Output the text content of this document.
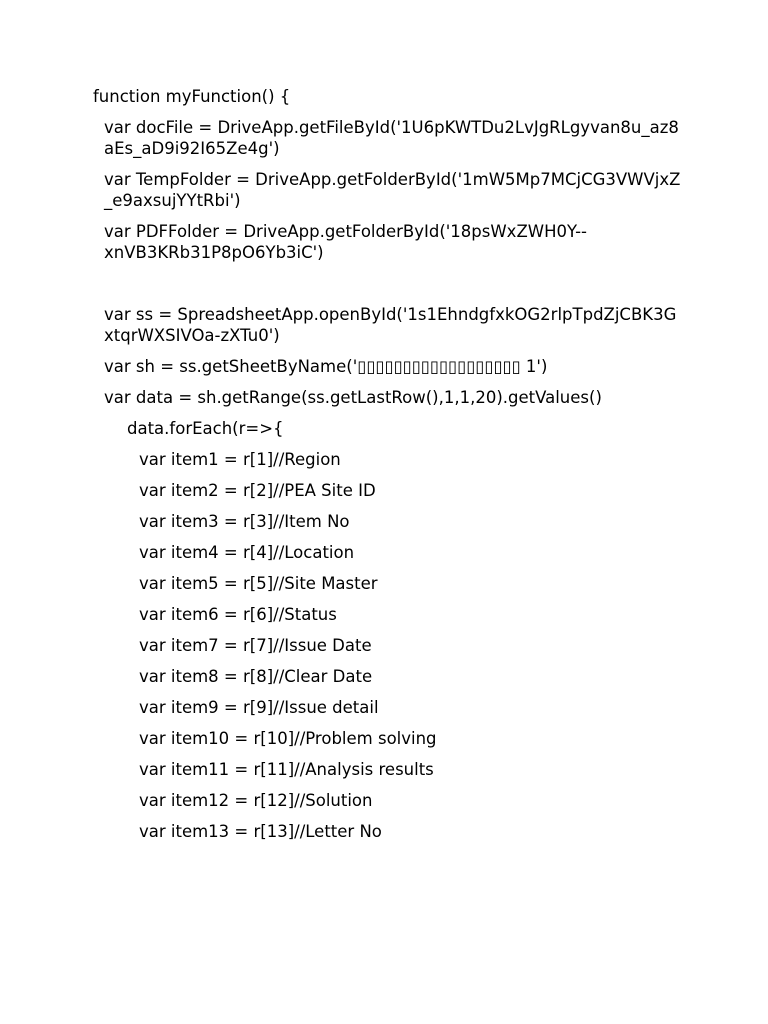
function myFunction() {
var docFile = DriveApp.getFileById('1U6pKWTDu2LvJgRLgyvan8u_az8aEs_aD9i92I65Ze4g')
var TempFolder = DriveApp.getFolderById('1mW5Mp7MCjCG3VWVjxZ_e9axsujYYtRbi')
var PDFFolder = DriveApp.getFolderById('18psWxZWH0Y--xnVB3KRb31P8pO6Yb3iC')
var ss = SpreadsheetApp.openById('1s1EhndgfxkOG2rlpTpdZjCBK3GxtqrWXSIVOa-zXTu0')
var sh = ss.getSheetByName('▯▯▯▯▯▯▯▯▯▯▯▯▯▯▯▯▯▯ 1')
var data = sh.getRange(ss.getLastRow(),1,1,20).getValues()
data.forEach(r=>{
var item1 = r[1]//Region
var item2 = r[2]//PEA Site ID
var item3 = r[3]//Item No
var item4 = r[4]//Location
var item5 = r[5]//Site Master
var item6 = r[6]//Status
var item7 = r[7]//Issue Date
var item8 = r[8]//Clear Date
var item9 = r[9]//Issue detail
var item10 = r[10]//Problem solving
var item11 = r[11]//Analysis results
var item12 = r[12]//Solution
var item13 = r[13]//Letter No
